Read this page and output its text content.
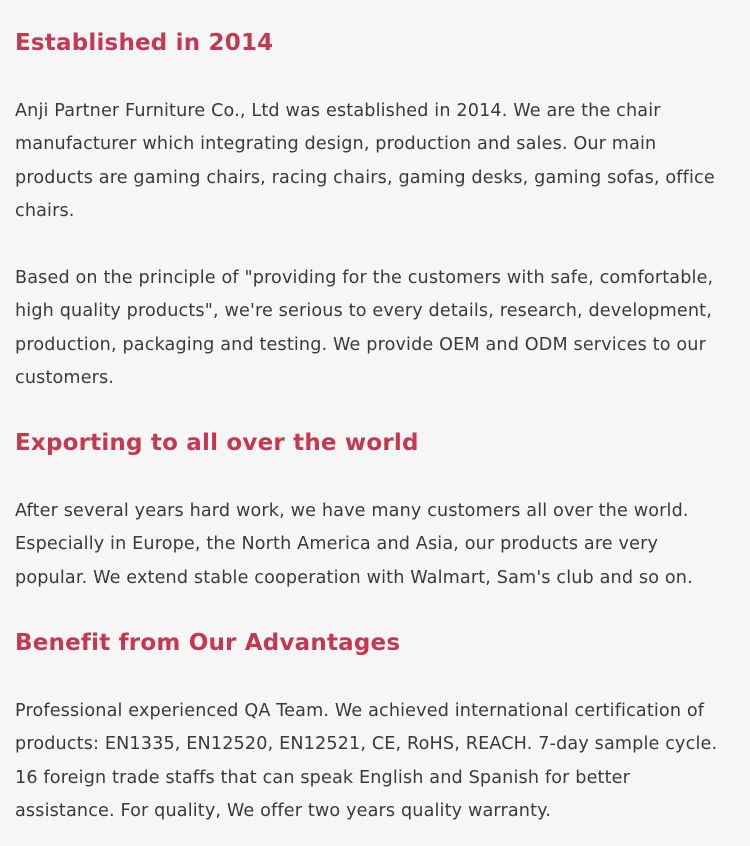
Established in 2014

Anji Partner Furniture Co., Ltd was established in 2014. We are the chair
manufacturer which integrating design, production and sales. Our main
products are gaming chairs, racing chairs, gaming desks, gaming sofas, office
chairs.

Based on the principle of "providing for the customers with safe, comfortable,
high quality products", we're serious to every details, research, development,
production, packaging and testing. We provide OEM and ODM services to our
customers.

Exporting to all over the world

After several years hard work, we have many customers all over the world.
Especially in Europe, the North America and Asia, our products are very
popular. We extend stable cooperation with Walmart, Sam's club and so on.

Benefit from Our Advantages

Professional experienced QA Team. We achieved international certification of
products: EN1335, EN12520, EN12521, CE, RoHS, REACH. 7-day sample cycle.
16 foreign trade staffs that can speak English and Spanish for better
assistance. For quality, We offer two years quality warranty.
